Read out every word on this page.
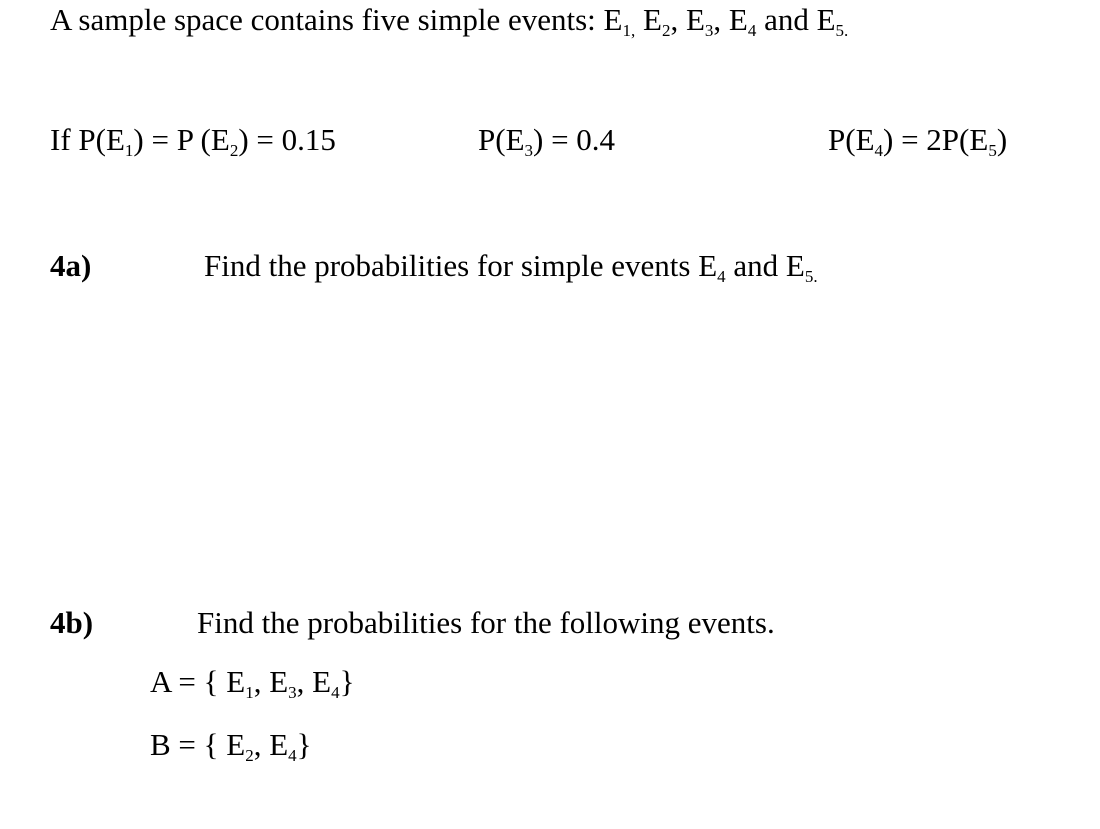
A sample space contains five simple events: $E_{1,}$ $E_2$, $E_3$, $E_4$ and $E_{5.}$
If $P(E_1) = P$ $(E_2) = 0.15$	$P(E_3) = 0.4$	$P(E_4) = 2P(E_5)$
4a)	Find the probabilities for simple events $E_4$ and $E_{5.}$
4b)	Find the probabilities for the following events.
A = { $E_1$, $E_3$, $E_4$}
B = { $E_2$, $E_4$}
